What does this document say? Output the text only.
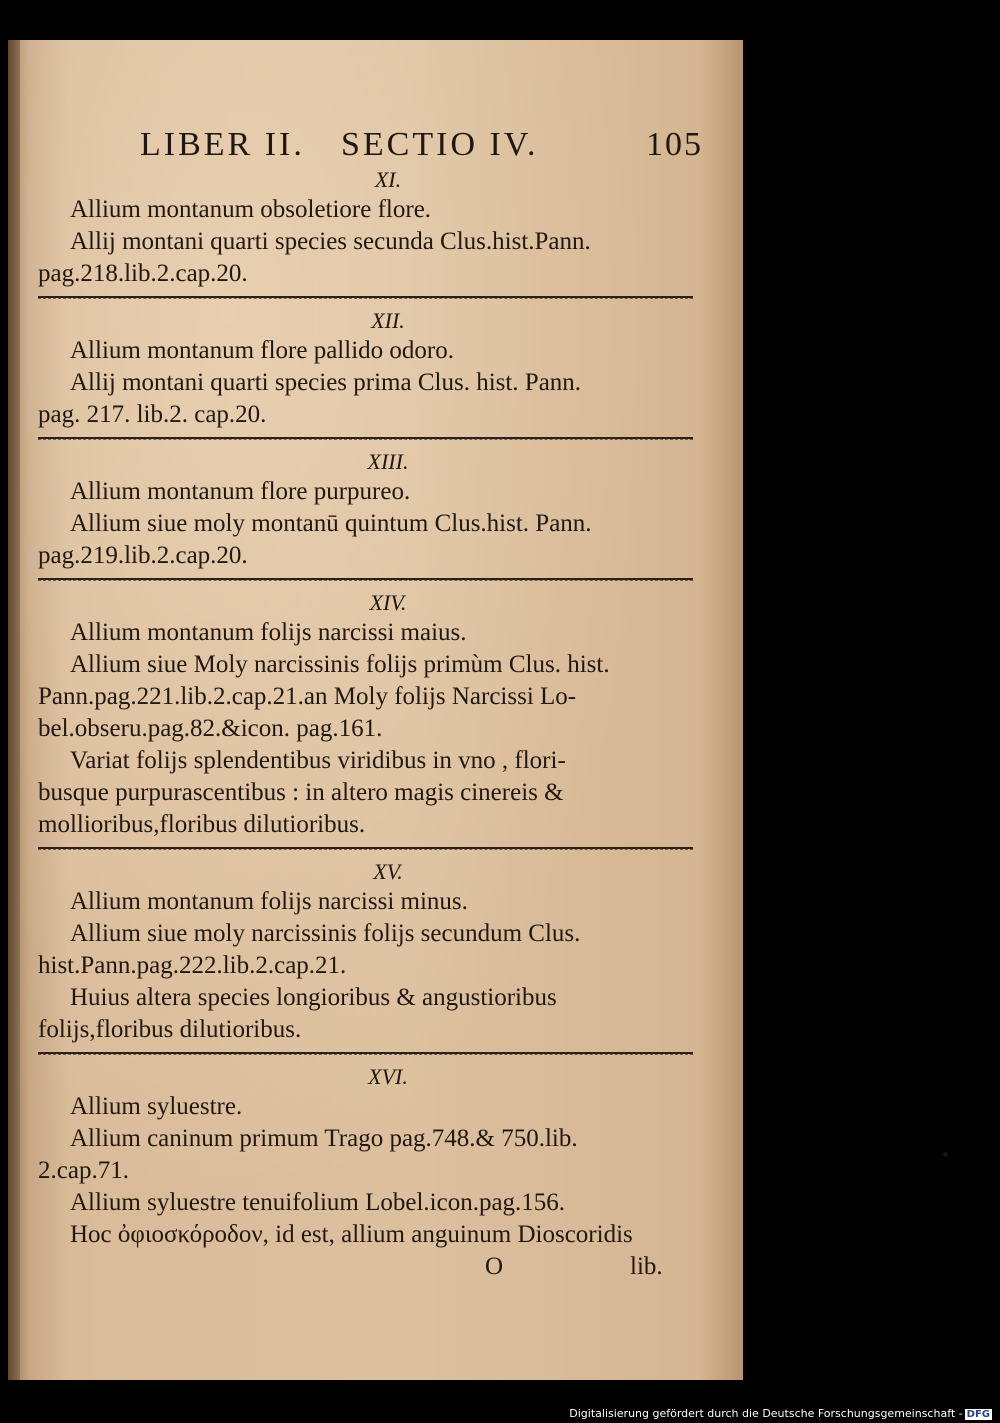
LIBER II. SECTIO IV.	105
XI.
Allium montanum obsoletiore flore.
Allij montani quarti species secunda Clus.hist.Pann.
pag.218.lib.2.cap.20.
XII.
Allium montanum flore pallido odoro.
Allij montani quarti species prima Clus. hist. Pann.
pag. 217. lib.2. cap.20.
XIII.
Allium montanum flore purpureo.
Allium siue moly montanū quintum Clus.hist. Pann.
pag.219.lib.2.cap.20.
XIV.
Allium montanum folijs narcissi maius.
Allium siue Moly narcissinis folijs primùm Clus. hist.
Pann.pag.221.lib.2.cap.21.an Moly folijs Narcissi Lo-
bel.obseru.pag.82.&icon. pag.161.
Variat folijs splendentibus viridibus in vno , flori-
busque purpurascentibus : in altero magis cinereis &
mollioribus,floribus dilutioribus.
XV.
Allium montanum folijs narcissi minus.
Allium siue moly narcissinis folijs secundum Clus.
hist.Pann.pag.222.lib.2.cap.21.
Huius altera species longioribus & angustioribus
folijs,floribus dilutioribus.
XVI.
Allium syluestre.
Allium caninum primum Trago pag.748.& 750.lib.
2.cap.71.
Allium syluestre tenuifolium Lobel.icon.pag.156.
Hoc ὀφιοσκόροδον, id est, allium anguinum Dioscoridis
O	lib.
Digitalisierung gefördert durch die Deutsche Forschungsgemeinschaft - DFG
